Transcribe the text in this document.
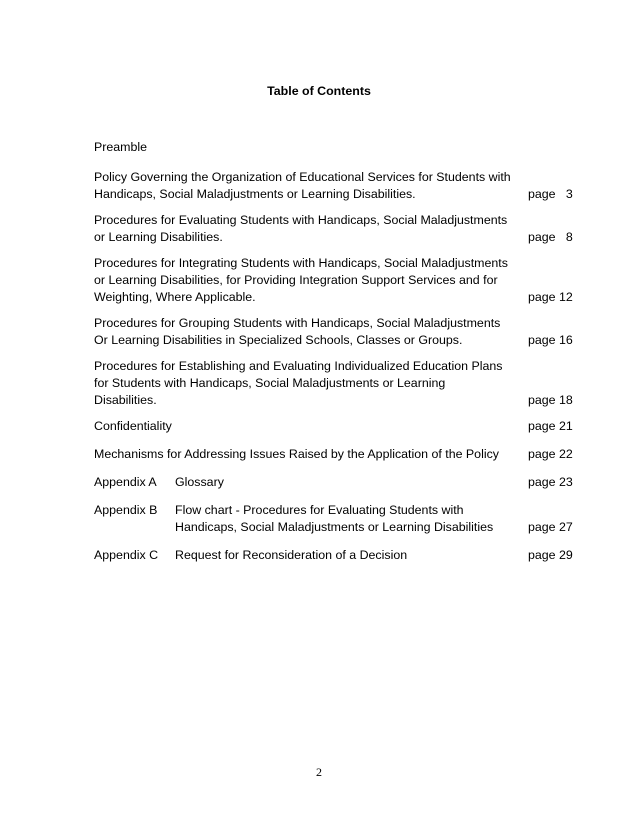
Table of Contents
Preamble
Policy Governing the Organization of Educational Services for Students with
Handicaps, Social Maladjustments or Learning Disabilities.	page   3
Procedures for Evaluating Students with Handicaps, Social Maladjustments
or Learning Disabilities.	page   8
Procedures for Integrating Students with Handicaps, Social Maladjustments
or Learning Disabilities, for Providing Integration Support Services and for
Weighting, Where Applicable.	page 12
Procedures for Grouping Students with Handicaps, Social Maladjustments
Or Learning Disabilities in Specialized Schools, Classes or Groups.	page 16
Procedures for Establishing and Evaluating Individualized Education Plans
for Students with Handicaps, Social Maladjustments or Learning
Disabilities.	page 18
Confidentiality	page 21
Mechanisms for Addressing Issues Raised by the Application of the Policy	page 22
Appendix A	Glossary	page 23
Appendix B	Flow chart - Procedures for Evaluating Students with
Handicaps, Social Maladjustments or Learning Disabilities	page 27
Appendix C	Request for Reconsideration of a Decision	page 29
2
